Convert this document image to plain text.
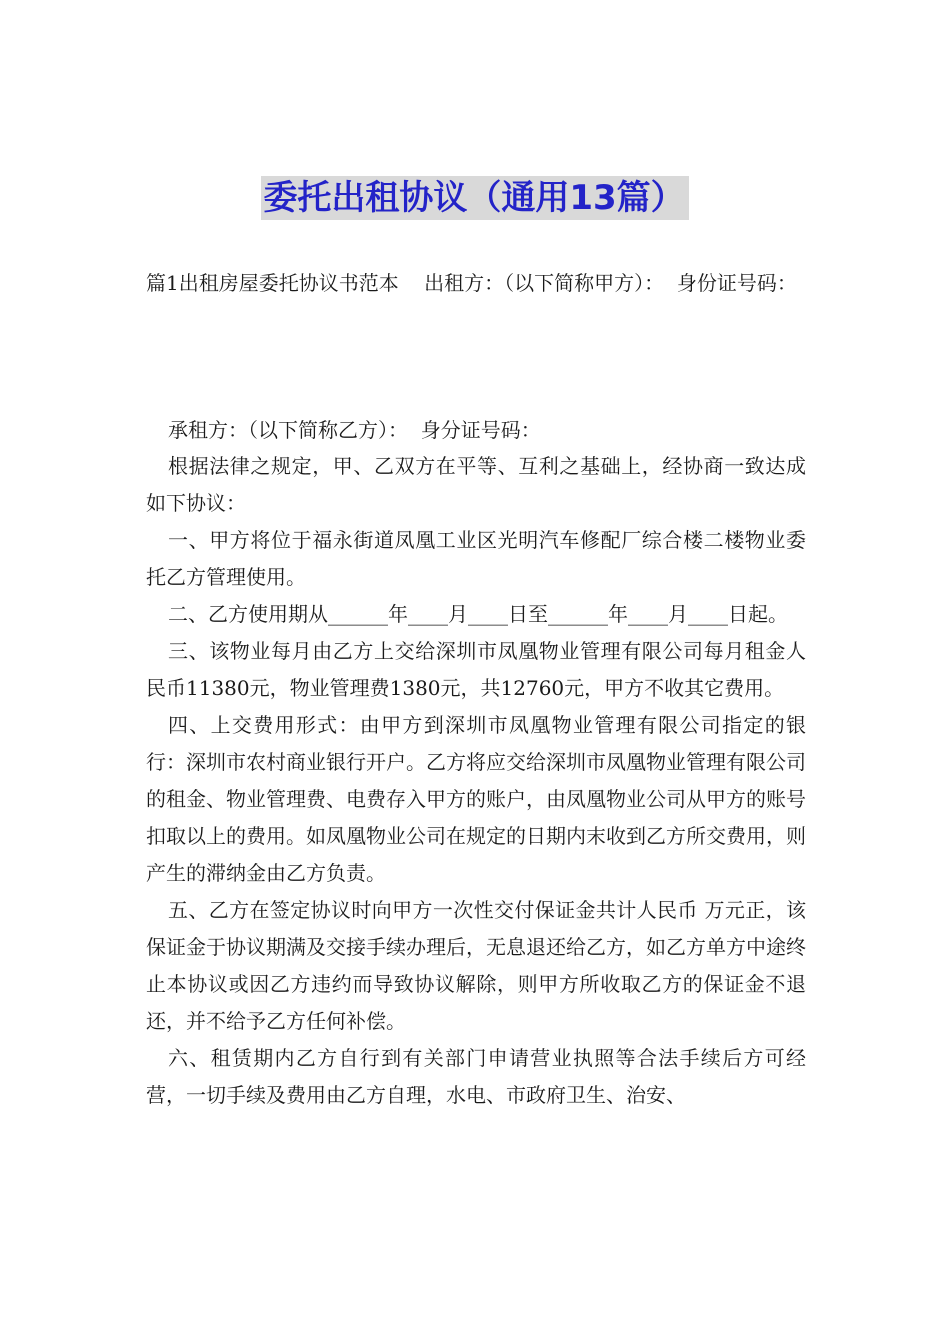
委托出租协议（通用13篇）

篇1出租房屋委托协议书范本    出租方：（以下简称甲方）：  身份证号码：

承租方：（以下简称乙方）：  身分证号码：

根据法律之规定，甲、乙双方在平等、互利之基础上，经协商一致达成如下协议：

一、甲方将位于福永街道凤凰工业区光明汽车修配厂综合楼二楼物业委托乙方管理使用。

二、乙方使用期从______年____月____日至______年____月____日起。

三、该物业每月由乙方上交给深圳市凤凰物业管理有限公司每月租金人民币11380元，物业管理费1380元，共12760元，甲方不收其它费用。

四、上交费用形式：由甲方到深圳市凤凰物业管理有限公司指定的银行：深圳市农村商业银行开户。乙方将应交给深圳市凤凰物业管理有限公司的租金、物业管理费、电费存入甲方的账户，由凤凰物业公司从甲方的账号扣取以上的费用。如凤凰物业公司在规定的日期内末收到乙方所交费用，则产生的滞纳金由乙方负责。

五、乙方在签定协议时向甲方一次性交付保证金共计人民币 万元正，该保证金于协议期满及交接手续办理后，无息退还给乙方，如乙方单方中途终止本协议或因乙方违约而导致协议解除，则甲方所收取乙方的保证金不退还，并不给予乙方任何补偿。

六、租赁期内乙方自行到有关部门申请营业执照等合法手续后方可经营，一切手续及费用由乙方自理，水电、市政府卫生、治安、
